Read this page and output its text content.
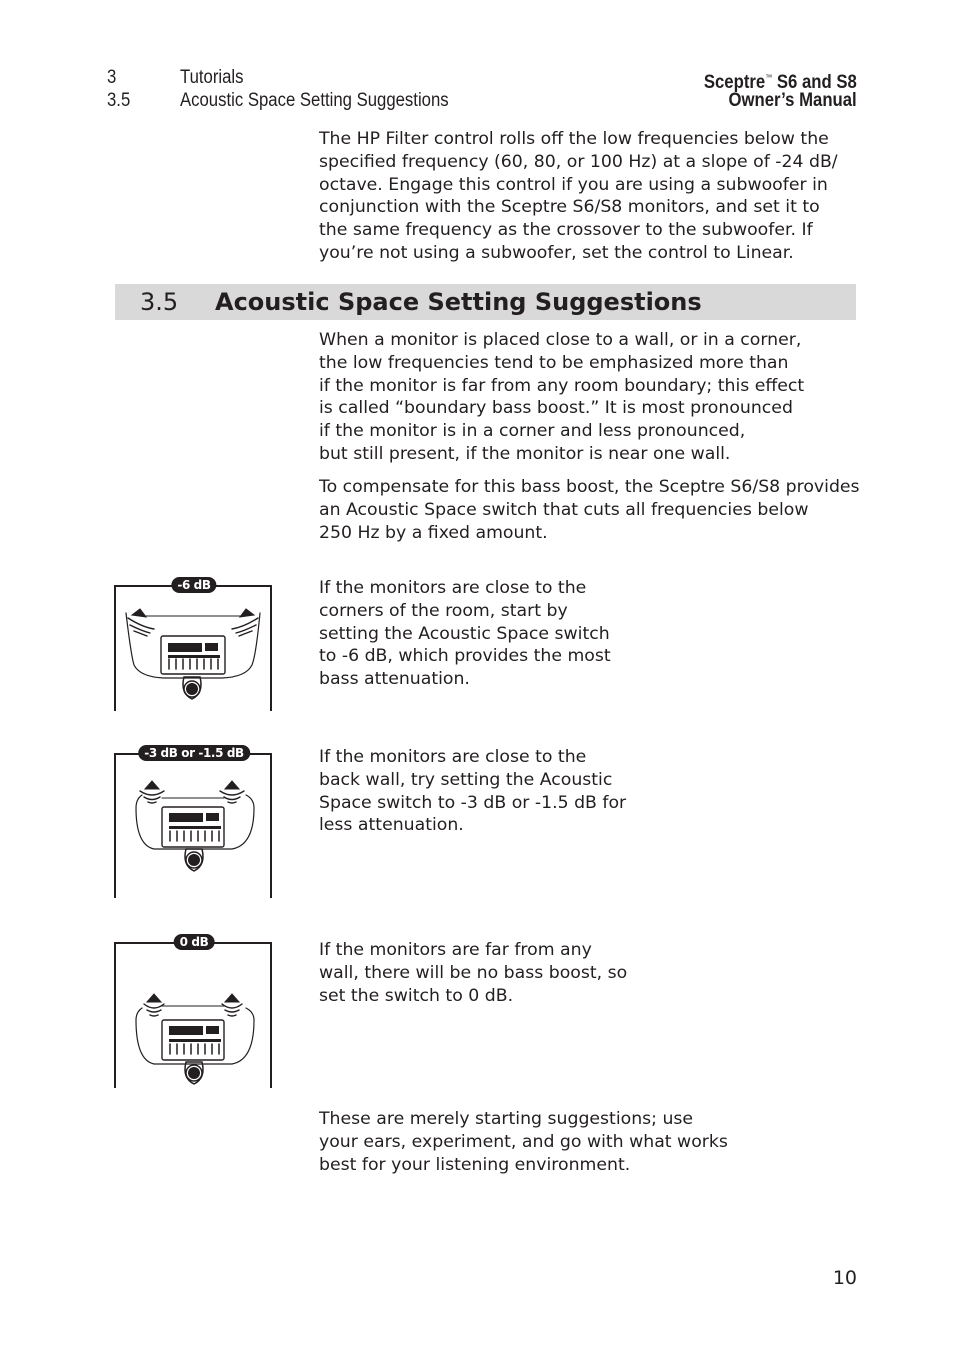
3	Tutorials
3.5	Acoustic Space Setting Suggestions
Sceptre™ S6 and S8
Owner’s Manual

The HP Filter control rolls off the low frequencies below the
specified frequency (60, 80, or 100 Hz) at a slope of -24 dB/
octave. Engage this control if you are using a subwoofer in
conjunction with the Sceptre S6/S8 monitors, and set it to
the same frequency as the crossover to the subwoofer. If
you’re not using a subwoofer, set the control to Linear.

3.5 Acoustic Space Setting Suggestions

When a monitor is placed close to a wall, or in a corner,
the low frequencies tend to be emphasized more than
if the monitor is far from any room boundary; this effect
is called “boundary bass boost.” It is most pronounced
if the monitor is in a corner and less pronounced,
but still present, if the monitor is near one wall.

To compensate for this bass boost, the Sceptre S6/S8 provides
an Acoustic Space switch that cuts all frequencies below
250 Hz by a fixed amount.

-6 dB	If the monitors are close to the
corners of the room, start by
setting the Acoustic Space switch
to -6 dB, which provides the most
bass attenuation.

-3 dB or -1.5 dB	If the monitors are close to the
back wall, try setting the Acoustic
Space switch to -3 dB or -1.5 dB for
less attenuation.

0 dB	If the monitors are far from any
wall, there will be no bass boost, so
set the switch to 0 dB.

These are merely starting suggestions; use
your ears, experiment, and go with what works
best for your listening environment.

10
